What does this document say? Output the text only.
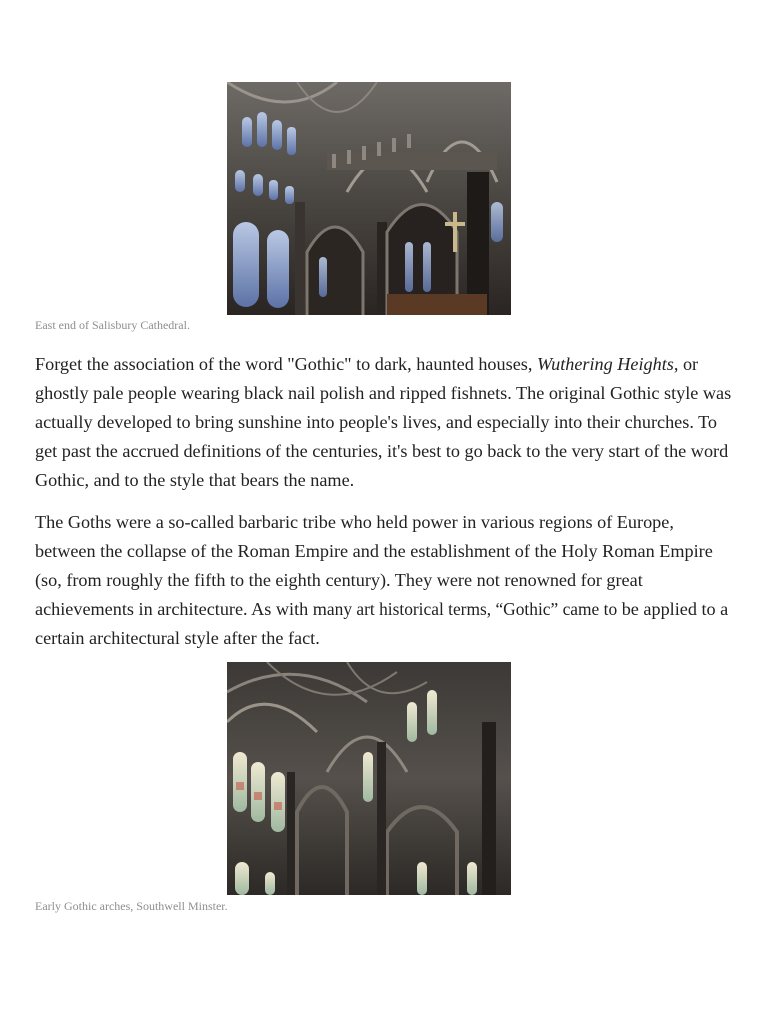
East end of Salisbury Cathedral.

Forget the association of the word "Gothic" to dark, haunted houses, Wuthering Heights, or ghostly pale people wearing black nail polish and ripped fishnets. The original Gothic style was actually developed to bring sunshine into people's lives, and especially into their churches. To get past the accrued definitions of the centuries, it's best to go back to the very start of the word Gothic, and to the style that bears the name.

The Goths were a so-called barbaric tribe who held power in various regions of Europe, between the collapse of the Roman Empire and the establishment of the Holy Roman Empire (so, from roughly the fifth to the eighth century). They were not renowned for great achievements in architecture. As with many art historical terms, “Gothic” came to be applied to a certain architectural style after the fact.

Early Gothic arches, Southwell Minster.
